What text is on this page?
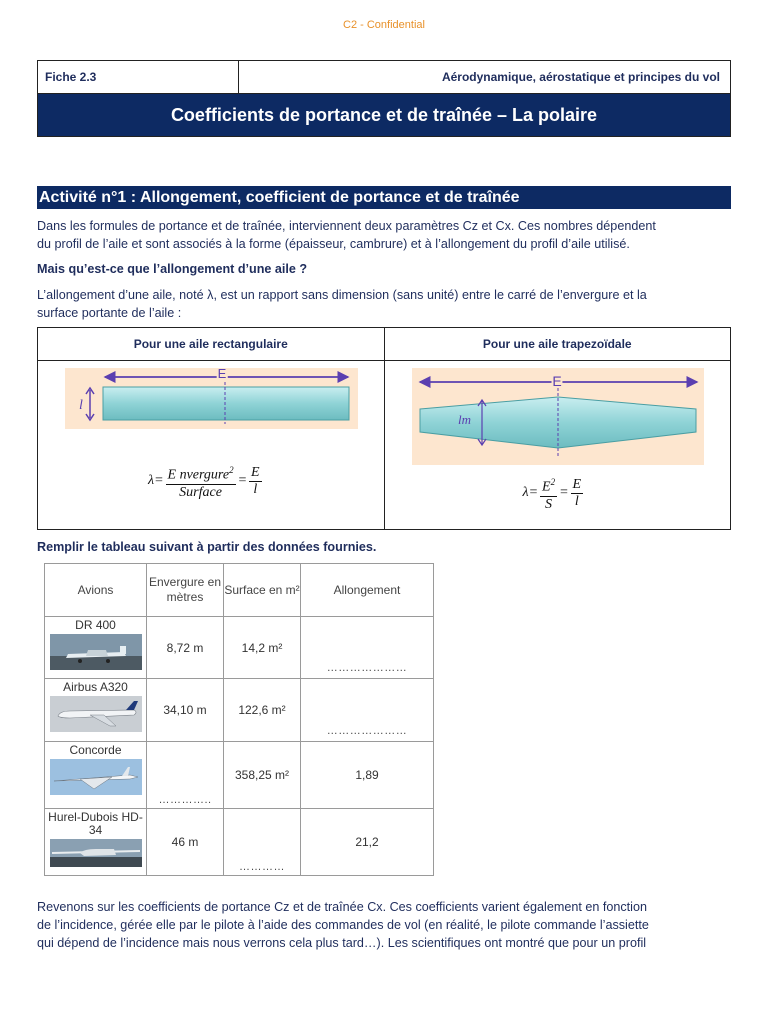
C2 - Confidential
Fiche 2.3	Aérodynamique, aérostatique et principes du vol
Coefficients de portance et de traînée – La polaire
Activité n°1 : Allongement, coefficient de portance et de traînée
Dans les formules de portance et de traînée, interviennent deux paramètres Cz et Cx. Ces nombres dépendent
du profil de l’aile et sont associés à la forme (épaisseur, cambrure) et à l’allongement du profil d’aile utilisé.
Mais qu’est-ce que l’allongement d’une aile ?
L’allongement d’une aile, noté λ, est un rapport sans dimension (sans unité) entre le carré de l’envergure et la
surface portante de l’aile :
Pour une aile rectangulaire
E
l
$\lambda= \frac{E nvergure^2}{\text{Surface}} = \frac{E}{l}$
Pour une aile trapezoïdale
E
lm
$\lambda= \frac{E^2}{S} = \frac{E}{l}$
Remplir le tableau suivant à partir des données fournies.
Avions	Envergure en mètres	Surface en m²	Allongement

DR 400	8,72 m	14,2 m²	…………………

Airbus A320	34,10 m	122,6 m²	…………………

Concorde	…………..	358,25 m²	1,89

Hurel-Dubois HD-34	46 m	…………	21,2
Revenons sur les coefficients de portance Cz et de traînée Cx. Ces coefficients varient également en fonction
de l’incidence, gérée elle par le pilote à l’aide des commandes de vol (en réalité, le pilote commande l’assiette
qui dépend de l’incidence mais nous verrons cela plus tard…). Les scientifiques ont montré que pour un profil
